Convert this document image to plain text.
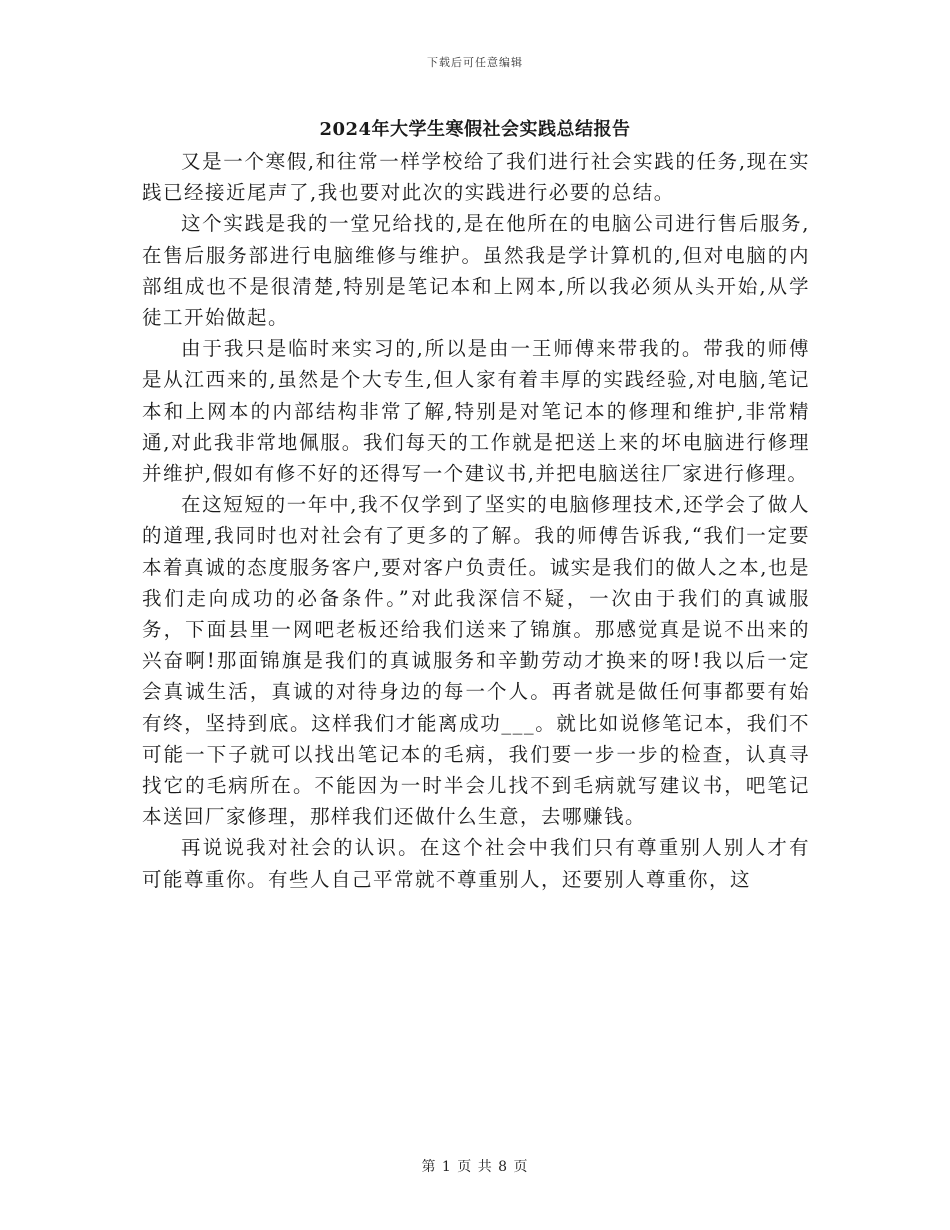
下载后可任意编辑
2024年大学生寒假社会实践总结报告

又是一个寒假,和往常一样学校给了我们进行社会实践的任务,现在实践已经接近尾声了,我也要对此次的实践进行必要的总结。

这个实践是我的一堂兄给找的,是在他所在的电脑公司进行售后服务,在售后服务部进行电脑维修与维护。虽然我是学计算机的,但对电脑的内部组成也不是很清楚,特别是笔记本和上网本,所以我必须从头开始,从学徒工开始做起。

由于我只是临时来实习的,所以是由一王师傅来带我的。带我的师傅是从江西来的,虽然是个大专生,但人家有着丰厚的实践经验,对电脑,笔记本和上网本的内部结构非常了解,特别是对笔记本的修理和维护,非常精通,对此我非常地佩服。我们每天的工作就是把送上来的坏电脑进行修理并维护,假如有修不好的还得写一个建议书,并把电脑送往厂家进行修理。

在这短短的一年中,我不仅学到了坚实的电脑修理技术,还学会了做人的道理,我同时也对社会有了更多的了解。我的师傅告诉我,“我们一定要本着真诚的态度服务客户,要对客户负责任。诚实是我们的做人之本,也是我们走向成功的必备条件。”对此我深信不疑，一次由于我们的真诚服务，下面县里一网吧老板还给我们送来了锦旗。那感觉真是说不出来的兴奋啊!那面锦旗是我们的真诚服务和辛勤劳动才换来的呀!我以后一定会真诚生活，真诚的对待身边的每一个人。再者就是做任何事都要有始有终，坚持到底。这样我们才能离成功___。就比如说修笔记本，我们不可能一下子就可以找出笔记本的毛病，我们要一步一步的检查，认真寻找它的毛病所在。不能因为一时半会儿找不到毛病就写建议书，吧笔记本送回厂家修理，那样我们还做什么生意，去哪赚钱。

再说说我对社会的认识。在这个社会中我们只有尊重别人别人才有可能尊重你。有些人自己平常就不尊重别人，还要别人尊重你，这

第 1 页 共 8 页
